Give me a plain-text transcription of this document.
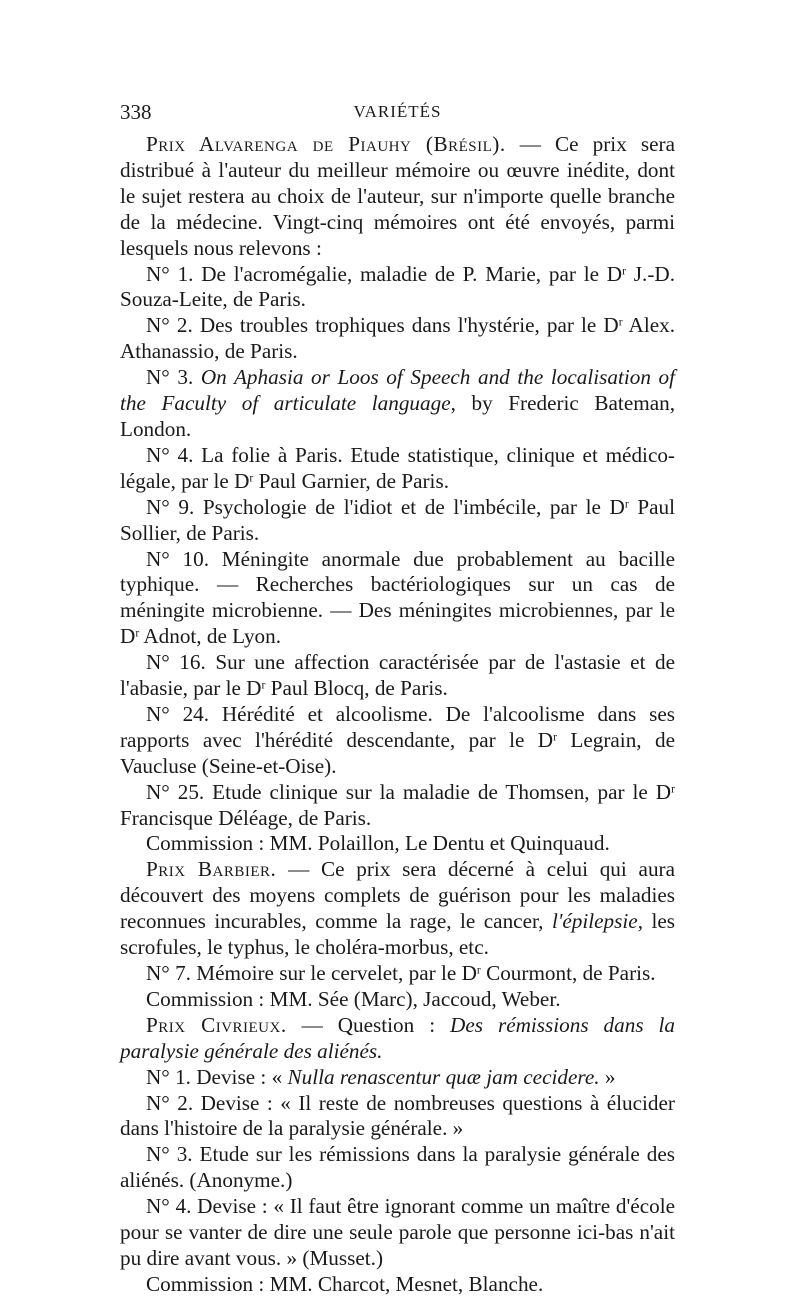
338	VARIÉTÉS

Prix Alvarenga de Piauhy (Brésil). — Ce prix sera distribué à l'auteur du meilleur mémoire ou œuvre inédite, dont le sujet restera au choix de l'auteur, sur n'importe quelle branche de la médecine. Vingt-cinq mémoires ont été envoyés, parmi lesquels nous relevons :

N° 1. De l'acromégalie, maladie de P. Marie, par le $D^r$ J.-D. Souza-Leite, de Paris.

N° 2. Des troubles trophiques dans l'hystérie, par le $D^r$ Alex. Athanassio, de Paris.

N° 3. On Aphasia or Loos of Speech and the localisation of the Faculty of articulate language, by Frederic Bateman, London.

N° 4. La folie à Paris. Etude statistique, clinique et médico-légale, par le $D^r$ Paul Garnier, de Paris.

N° 9. Psychologie de l'idiot et de l'imbécile, par le $D^r$ Paul Sollier, de Paris.

N° 10. Méningite anormale due probablement au bacille typhique. — Recherches bactériologiques sur un cas de méningite microbienne. — Des méningites microbiennes, par le $D^r$ Adnot, de Lyon.

N° 16. Sur une affection caractérisée par de l'astasie et de l'abasie, par le $D^r$ Paul Blocq, de Paris.

N° 24. Hérédité et alcoolisme. De l'alcoolisme dans ses rapports avec l'hérédité descendante, par le $D^r$ Legrain, de Vaucluse (Seine-et-Oise).

N° 25. Etude clinique sur la maladie de Thomsen, par le $D^r$ Francisque Déléage, de Paris.

Commission : MM. Polaillon, Le Dentu et Quinquaud.

Prix Barbier. — Ce prix sera décerné à celui qui aura découvert des moyens complets de guérison pour les maladies reconnues incurables, comme la rage, le cancer, l'épilepsie, les scrofules, le typhus, le choléra-morbus, etc.

N° 7. Mémoire sur le cervelet, par le $D^r$ Courmont, de Paris.

Commission : MM. Sée (Marc), Jaccoud, Weber.

Prix Civrieux. — Question : Des rémissions dans la paralysie générale des aliénés.

N° 1. Devise : « Nulla renascentur quæ jam cecidere. »

N° 2. Devise : « Il reste de nombreuses questions à élucider dans l'histoire de la paralysie générale. »

N° 3. Etude sur les rémissions dans la paralysie générale des aliénés. (Anonyme.)

N° 4. Devise : « Il faut être ignorant comme un maître d'école pour se vanter de dire une seule parole que personne ici-bas n'ait pu dire avant vous. » (Musset.)

Commission : MM. Charcot, Mesnet, Blanche.
